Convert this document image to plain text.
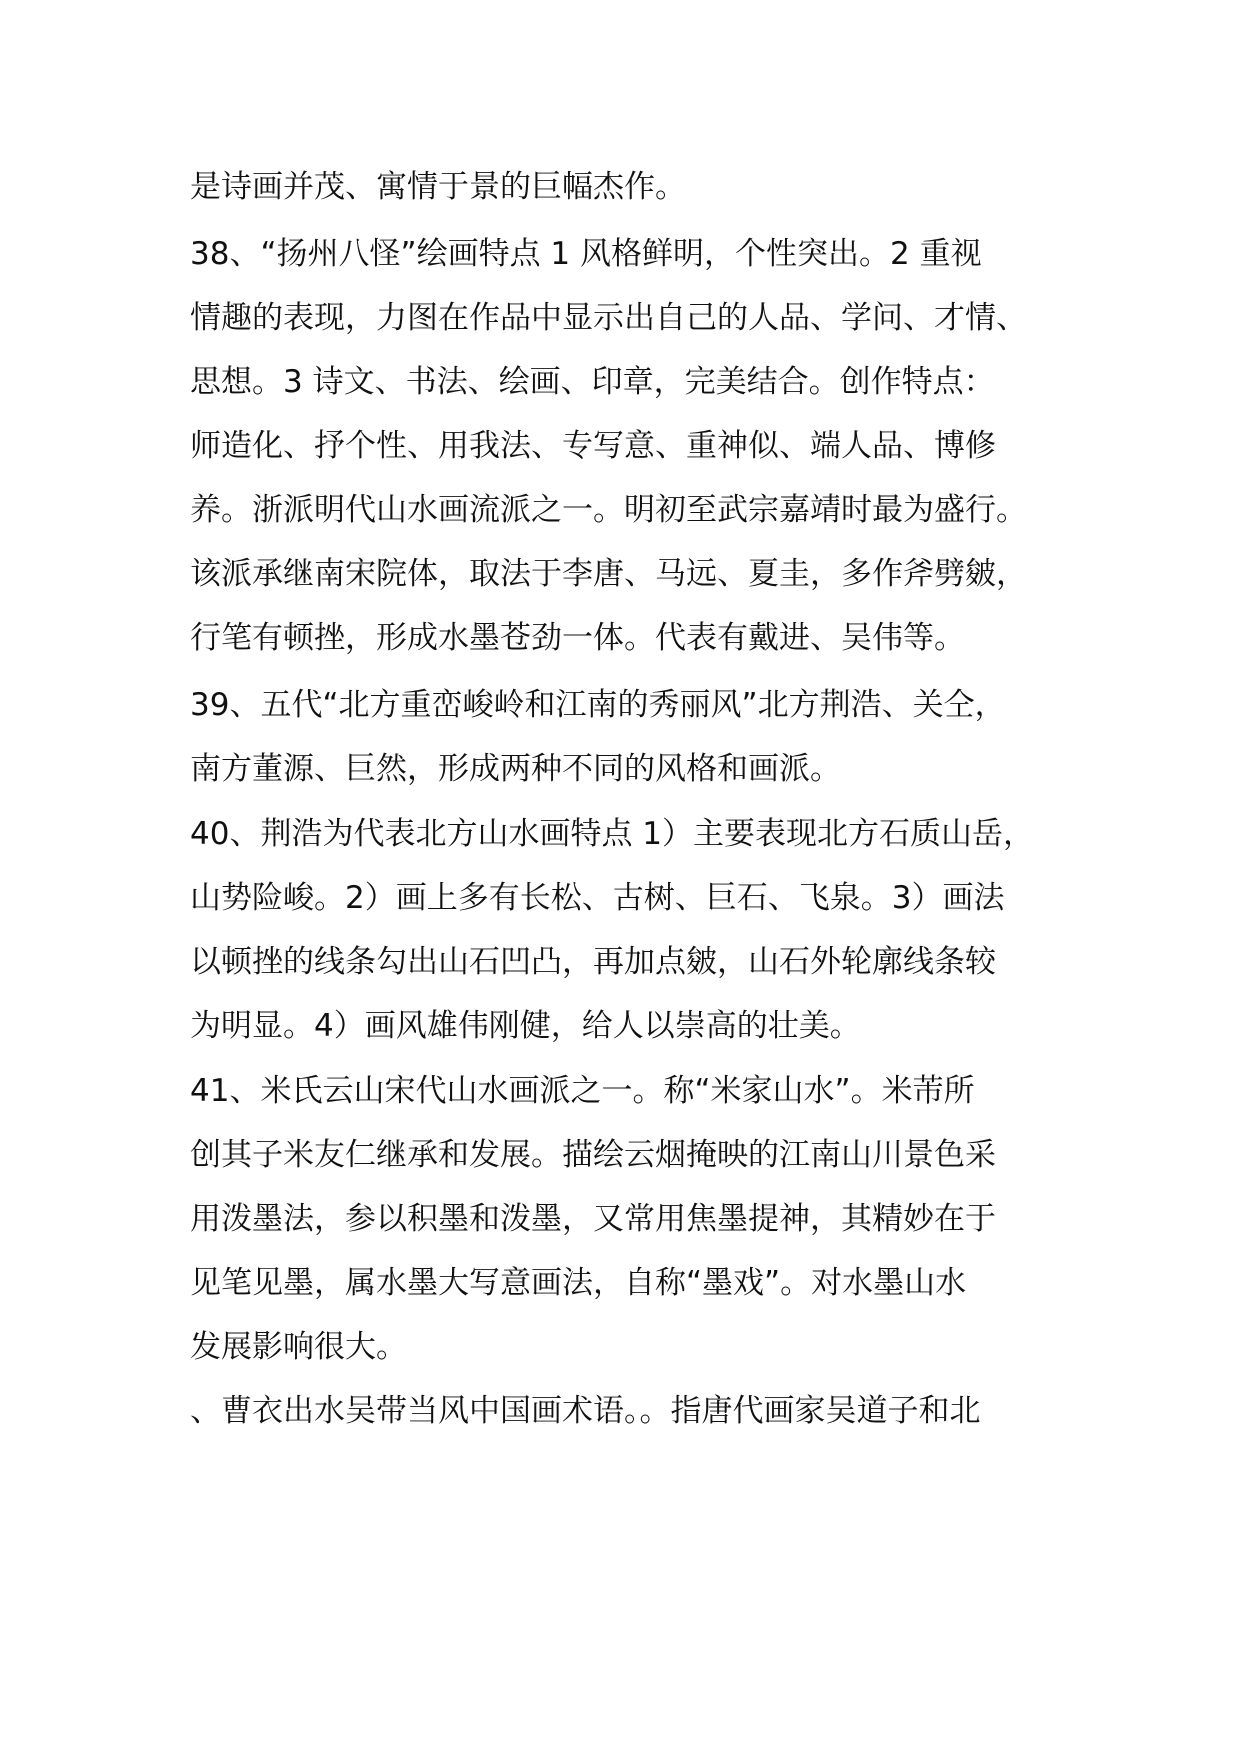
是诗画并茂、寓情于景的巨幅杰作。
38、“扬州八怪”绘画特点 1 风格鲜明，个性突出。2 重视
情趣的表现，力图在作品中显示出自己的人品、学问、才情、
思想。3 诗文、书法、绘画、印章，完美结合。创作特点：
师造化、抒个性、用我法、专写意、重神似、端人品、博修
养。浙派明代山水画流派之一。明初至武宗嘉靖时最为盛行。
该派承继南宋院体，取法于李唐、马远、夏圭，多作斧劈皴，
行笔有顿挫，形成水墨苍劲一体。代表有戴进、吴伟等。
39、五代“北方重峦峻岭和江南的秀丽风”北方荆浩、关仝，
南方董源、巨然，形成两种不同的风格和画派。
40、荆浩为代表北方山水画特点 1）主要表现北方石质山岳，
山势险峻。2）画上多有长松、古树、巨石、飞泉。3）画法
以顿挫的线条勾出山石凹凸，再加点皴，山石外轮廓线条较
为明显。4）画风雄伟刚健，给人以崇高的壮美。
41、米氏云山宋代山水画派之一。称“米家山水”。米芾所
创其子米友仁继承和发展。描绘云烟掩映的江南山川景色采
用泼墨法，参以积墨和泼墨，又常用焦墨提神，其精妙在于
见笔见墨，属水墨大写意画法，自称“墨戏”。对水墨山水
发展影响很大。
、曹衣出水吴带当风中国画术语。。指唐代画家吴道子和北
